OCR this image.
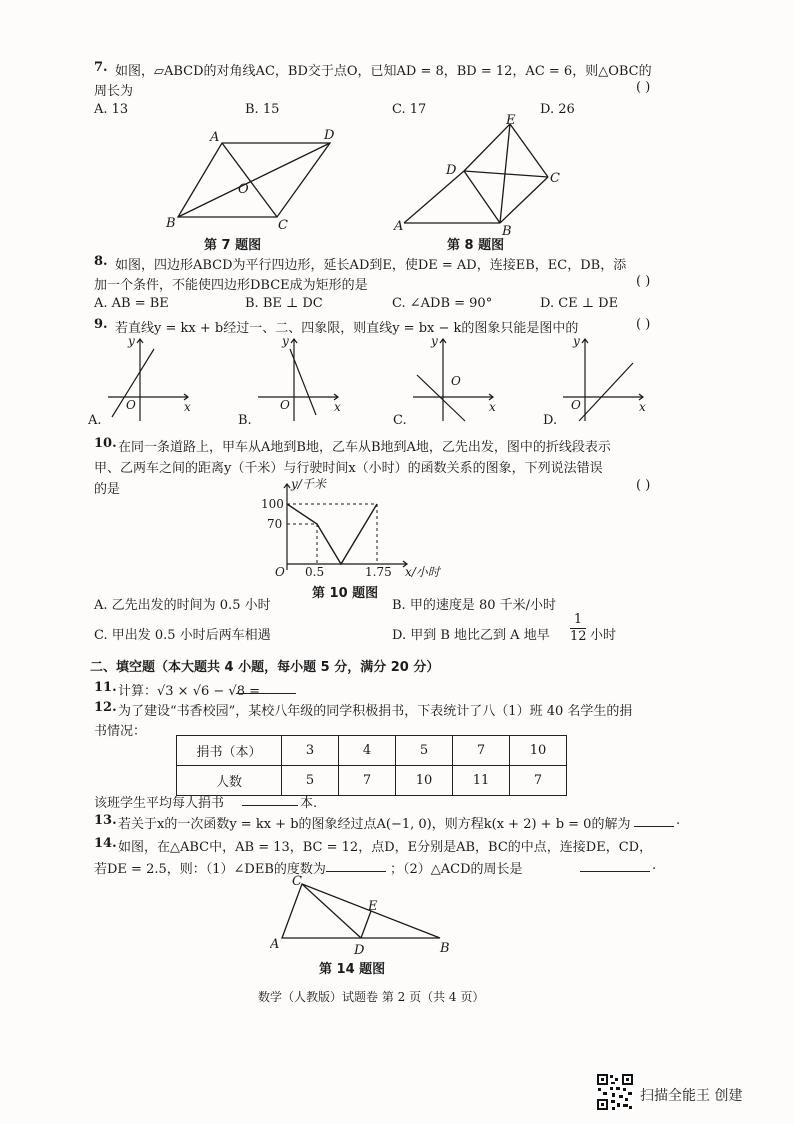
7. 如图，▱ABCD的对角线AC，BD交于点O，已知AD = 8，BD = 12，AC = 6，则△OBC的
周长为	( )
A. 13	B. 15	C. 17	D. 26
A	D
B	C
O
第 7 题图
A	B
C
D
E
第 8 题图
8. 如图，四边形ABCD为平行四边形，延长AD到E，使DE = AD，连接EB，EC，DB，添
加一个条件，不能使四边形DBCE成为矩形的是	( )
A. AB = BE	B. BE ⊥ DC	C. ∠ADB = 90°	D. CE ⊥ DE
9. 若直线y = kx + b经过一、二、四象限，则直线y = bx − k的图象只能是图中的	( )
y
x
O
A.
y
x
O
B.
y
x
O
C.
y
x
O
D.
10. 在同一条道路上，甲车从A地到B地，乙车从B地到A地，乙先出发，图中的折线段表示
甲、乙两车之间的距离y（千米）与行驶时间x（小时）的函数关系的图象，下列说法错误
的是	( )
y/千米
100
70
O 0.5	1.75 x/小时
第 10 题图
A. 乙先出发的时间为 0.5 小时	B. 甲的速度是 80 千米/小时
C. 甲出发 0.5 小时后两车相遇	D. 甲到 B 地比乙到 A 地早 $\frac{1}{12}$ 小时
二、填空题（本大题共 4 小题，每小题 5 分，满分 20 分）
11. 计算：√3 × √6 − √8 =
12. 为了建设“书香校园”，某校八年级的同学积极捐书，下表统计了八（1）班 40 名学生的捐
书情况：
捐书（本）	3	4	5	7	10
人数	5	7	10	11	7
该班学生平均每人捐书	本.
13. 若关于x的一次函数y = kx + b的图象经过点A(−1, 0)，则方程k(x + 2) + b = 0的解为	.
14. 如图，在△ABC中，AB = 13，BC = 12，点D，E分别是AB，BC的中点，连接DE，CD，
若DE = 2.5，则：（1）∠DEB的度数为	；（2）△ACD的周长是	.
A
C
B
D
E
第 14 题图
数学（人教版）试题卷 第 2 页（共 4 页）
扫描全能王 创建
